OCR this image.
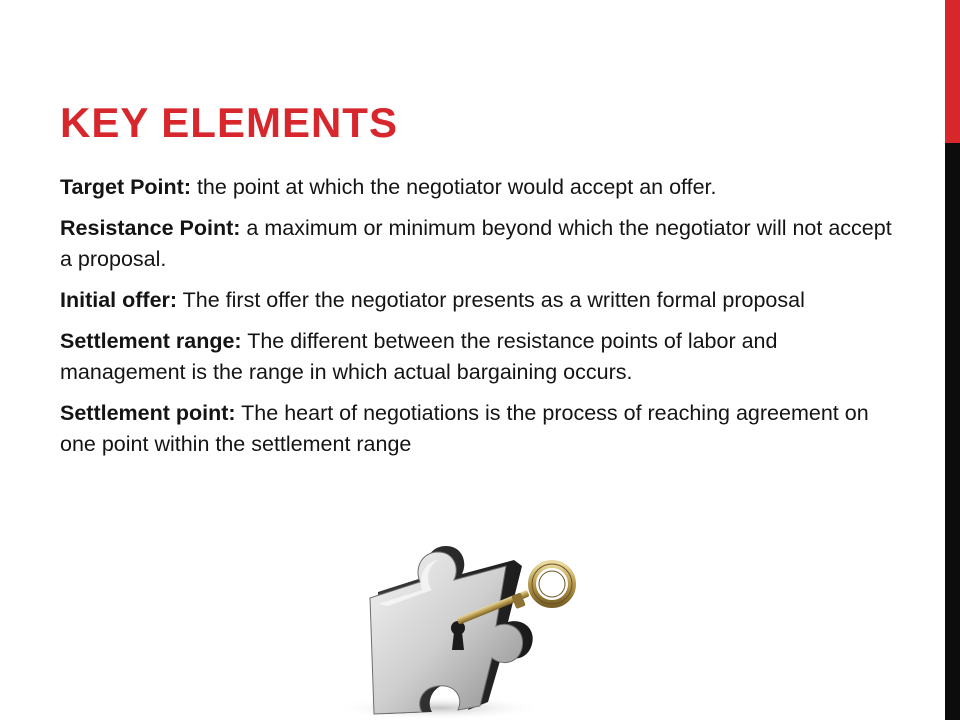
KEY ELEMENTS

Target Point: the point at which the negotiator would accept an offer.

Resistance Point: a maximum or minimum beyond which the negotiator will not accept a proposal.

Initial offer: The first offer the negotiator presents as a written formal proposal

Settlement range: The different between the resistance points of labor and management is the range in which actual bargaining occurs.

Settlement point: The heart of negotiations is the process of reaching agreement on one point within the settlement range
